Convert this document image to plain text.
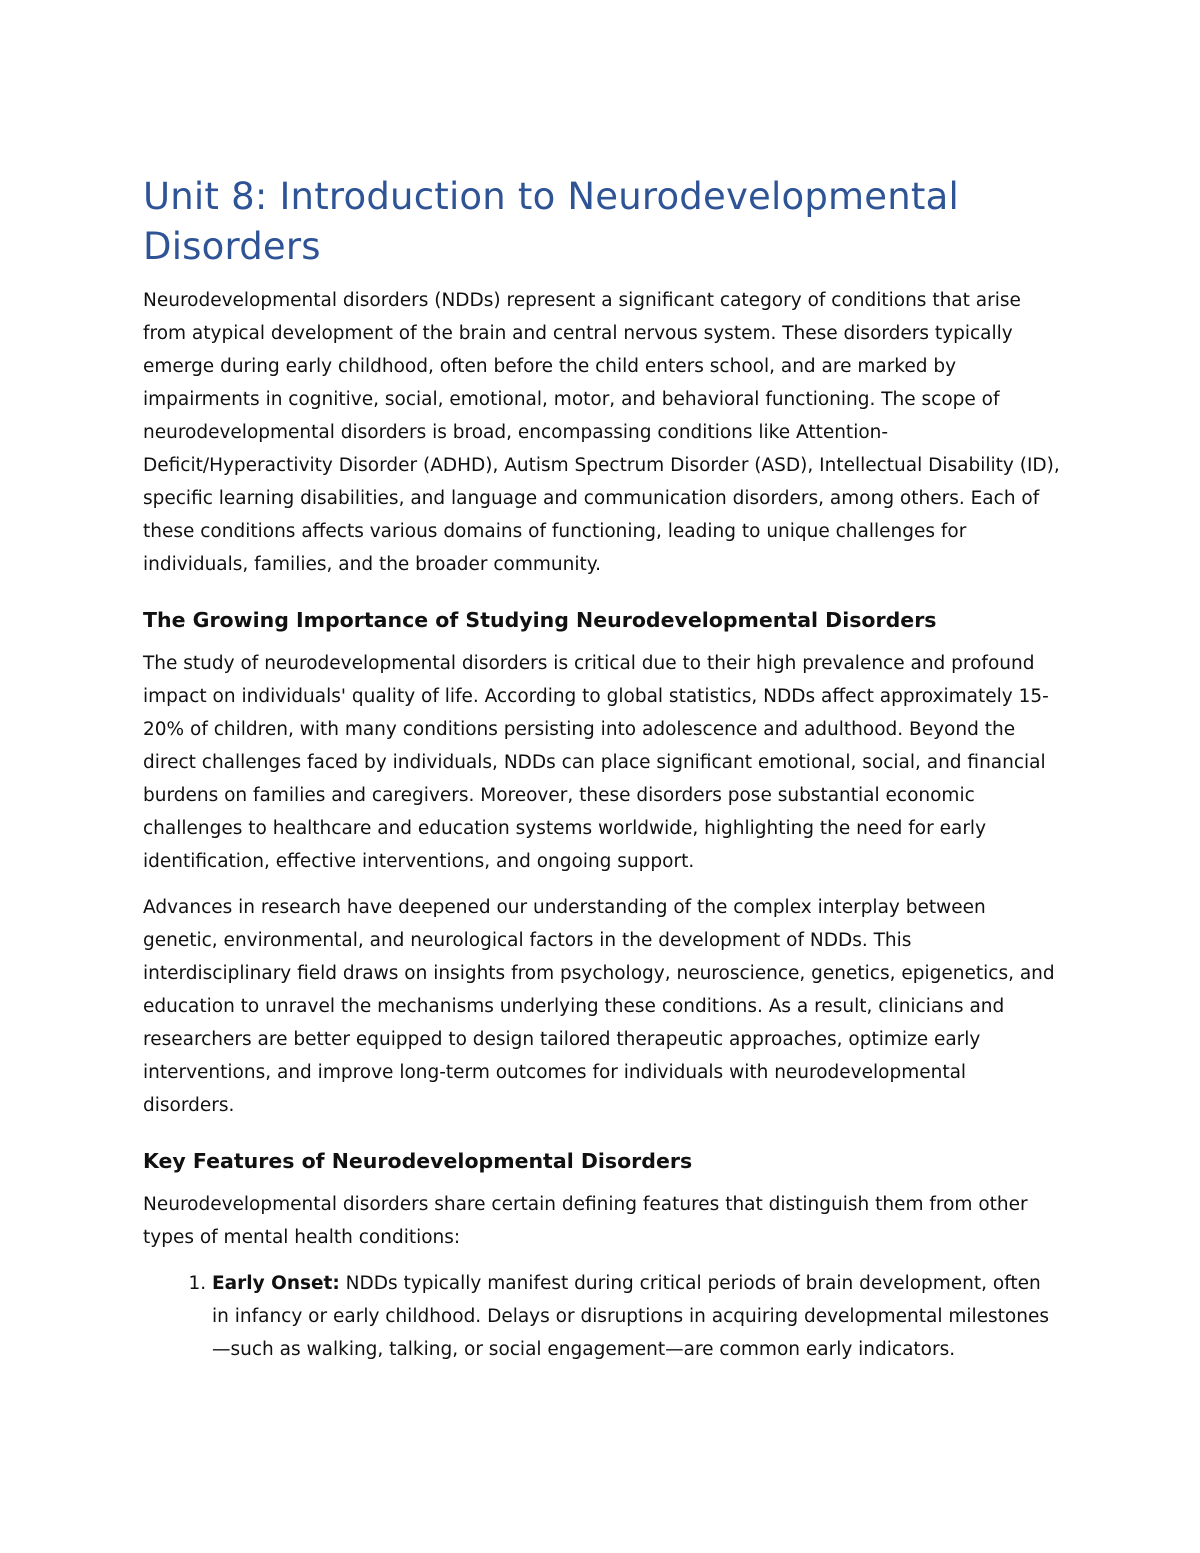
Unit 8: Introduction to Neurodevelopmental Disorders

Neurodevelopmental disorders (NDDs) represent a significant category of conditions that arise from atypical development of the brain and central nervous system. These disorders typically emerge during early childhood, often before the child enters school, and are marked by impairments in cognitive, social, emotional, motor, and behavioral functioning. The scope of neurodevelopmental disorders is broad, encompassing conditions like Attention-Deficit/Hyperactivity Disorder (ADHD), Autism Spectrum Disorder (ASD), Intellectual Disability (ID), specific learning disabilities, and language and communication disorders, among others. Each of these conditions affects various domains of functioning, leading to unique challenges for individuals, families, and the broader community.

The Growing Importance of Studying Neurodevelopmental Disorders

The study of neurodevelopmental disorders is critical due to their high prevalence and profound impact on individuals' quality of life. According to global statistics, NDDs affect approximately 15-20% of children, with many conditions persisting into adolescence and adulthood. Beyond the direct challenges faced by individuals, NDDs can place significant emotional, social, and financial burdens on families and caregivers. Moreover, these disorders pose substantial economic challenges to healthcare and education systems worldwide, highlighting the need for early identification, effective interventions, and ongoing support.

Advances in research have deepened our understanding of the complex interplay between genetic, environmental, and neurological factors in the development of NDDs. This interdisciplinary field draws on insights from psychology, neuroscience, genetics, epigenetics, and education to unravel the mechanisms underlying these conditions. As a result, clinicians and researchers are better equipped to design tailored therapeutic approaches, optimize early interventions, and improve long-term outcomes for individuals with neurodevelopmental disorders.

Key Features of Neurodevelopmental Disorders

Neurodevelopmental disorders share certain defining features that distinguish them from other types of mental health conditions:

1. Early Onset: NDDs typically manifest during critical periods of brain development, often in infancy or early childhood. Delays or disruptions in acquiring developmental milestones—such as walking, talking, or social engagement—are common early indicators.
